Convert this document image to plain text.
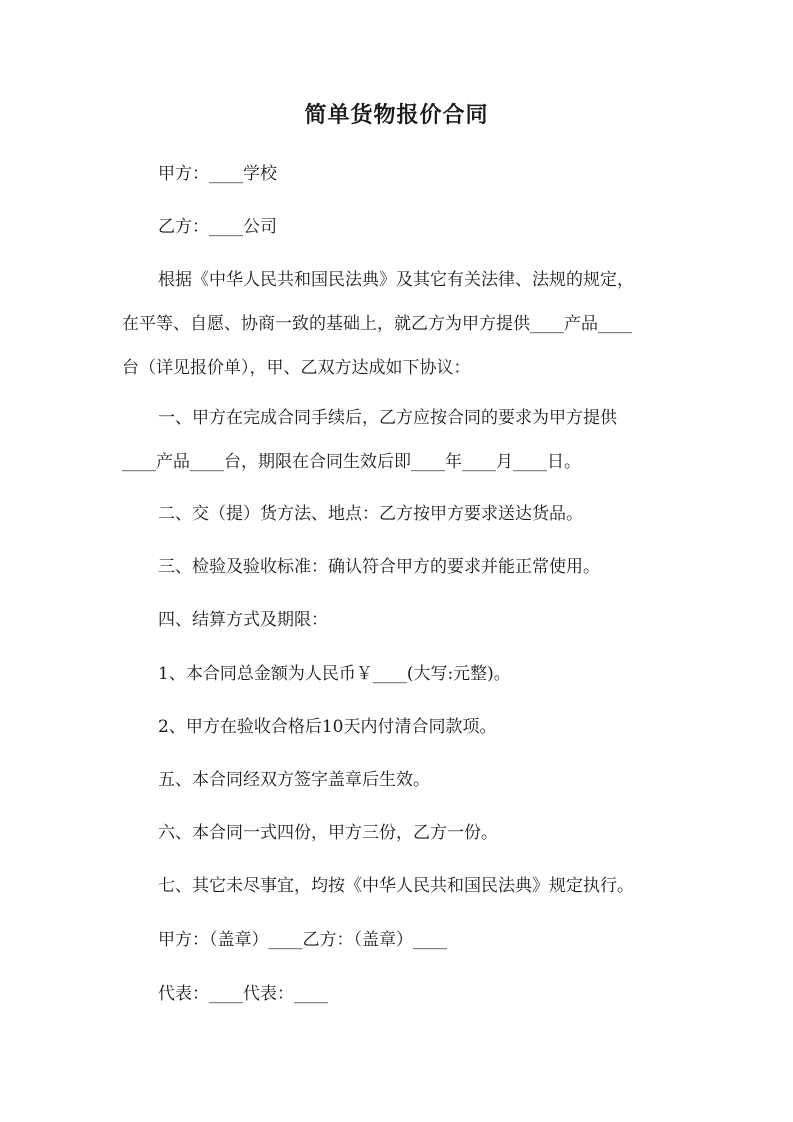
简单货物报价合同
甲方：____学校
乙方：____公司
根据《中华人民共和国民法典》及其它有关法律、法规的规定，
在平等、自愿、协商一致的基础上，就乙方为甲方提供____产品____
台（详见报价单），甲、乙双方达成如下协议：
一、甲方在完成合同手续后，乙方应按合同的要求为甲方提供
____产品____台，期限在合同生效后即____年____月____日。
二、交（提）货方法、地点：乙方按甲方要求送达货品。
三、检验及验收标准：确认符合甲方的要求并能正常使用。
四、结算方式及期限：
1、本合同总金额为人民币￥____(大写:元整)。
2、甲方在验收合格后10天内付清合同款项。
五、本合同经双方签字盖章后生效。
六、本合同一式四份，甲方三份，乙方一份。
七、其它未尽事宜，均按《中华人民共和国民法典》规定执行。
甲方：（盖章）____乙方：（盖章）____
代表：____代表：____
